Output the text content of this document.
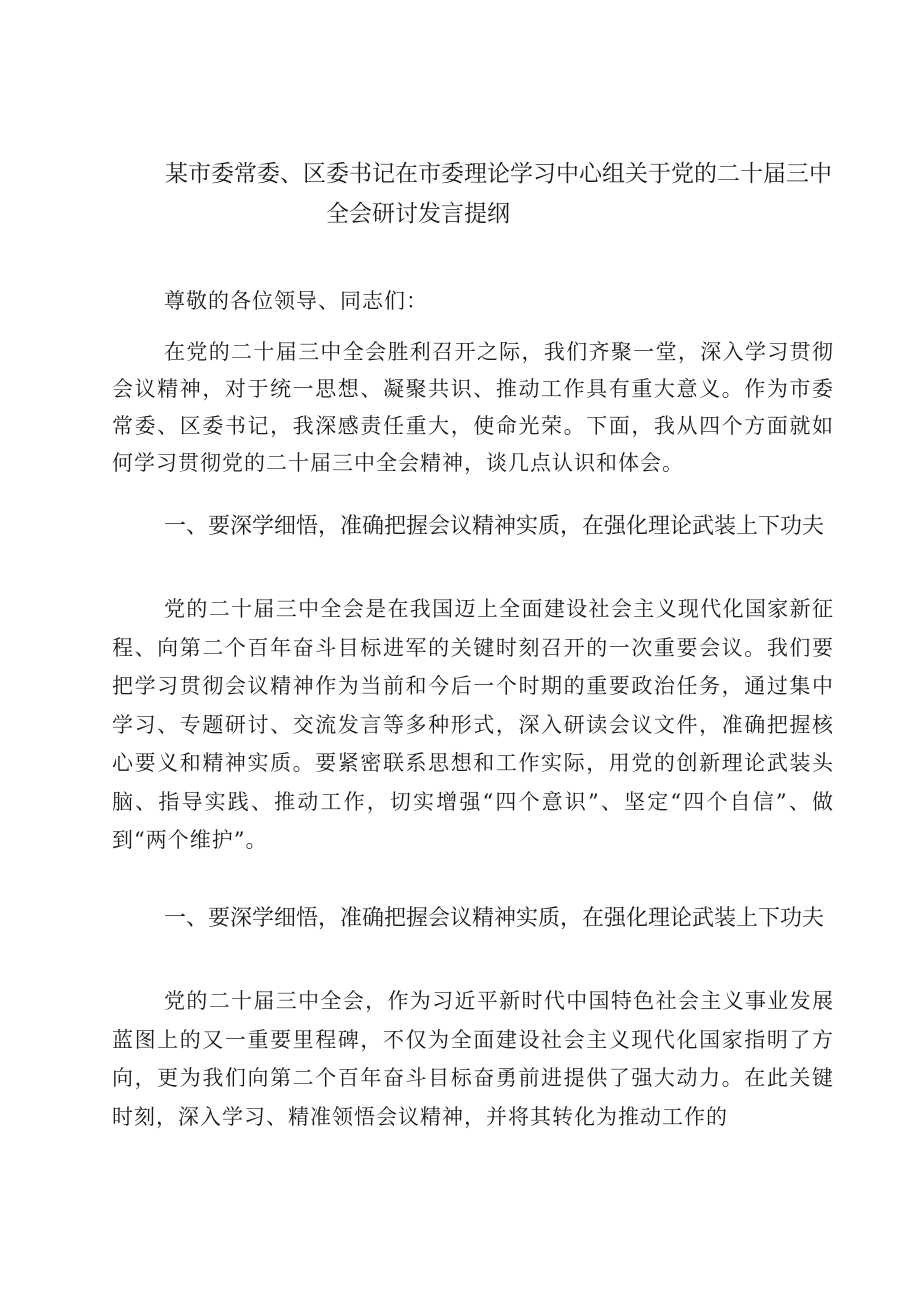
某市委常委、区委书记在市委理论学习中心组关于党的二十届三中
全会研讨发言提纲
尊敬的各位领导、同志们：
在党的二十届三中全会胜利召开之际，我们齐聚一堂，深入学习贯彻会议精神，对于统一思想、凝聚共识、推动工作具有重大意义。作为市委常委、区委书记，我深感责任重大，使命光荣。下面，我从四个方面就如何学习贯彻党的二十届三中全会精神，谈几点认识和体会。
一、要深学细悟，准确把握会议精神实质，在强化理论武装上下功夫
党的二十届三中全会是在我国迈上全面建设社会主义现代化国家新征程、向第二个百年奋斗目标进军的关键时刻召开的一次重要会议。我们要把学习贯彻会议精神作为当前和今后一个时期的重要政治任务，通过集中学习、专题研讨、交流发言等多种形式，深入研读会议文件，准确把握核心要义和精神实质。要紧密联系思想和工作实际，用党的创新理论武装头脑、指导实践、推动工作，切实增强“四个意识”、坚定“四个自信”、做到“两个维护”。
一、要深学细悟，准确把握会议精神实质，在强化理论武装上下功夫
党的二十届三中全会，作为习近平新时代中国特色社会主义事业发展蓝图上的又一重要里程碑，不仅为全面建设社会主义现代化国家指明了方向，更为我们向第二个百年奋斗目标奋勇前进提供了强大动力。在此关键时刻，深入学习、精准领悟会议精神，并将其转化为推动工作的
